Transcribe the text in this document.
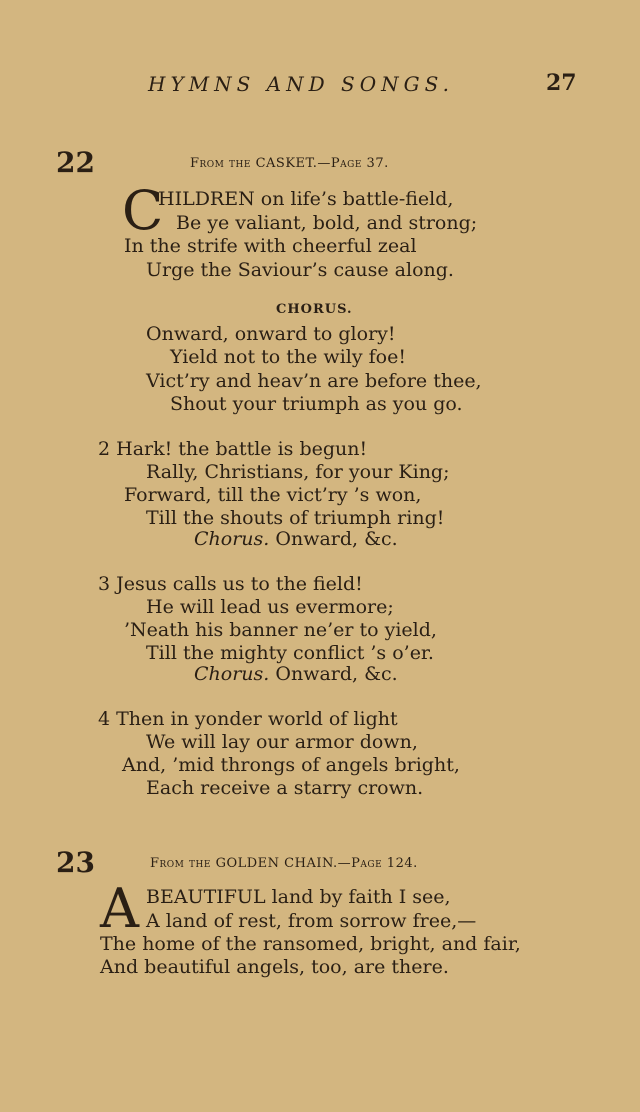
HYMNS AND SONGS.	27
22	From the CASKET.—Page 37.
C
HILDREN on life’s battle-field,
Be ye valiant, bold, and strong;
In the strife with cheerful zeal
Urge the Saviour’s cause along.
CHORUS.
Onward, onward to glory!
Yield not to the wily foe!
Vict’ry and heav’n are before thee,
Shout your triumph as you go.
2 Hark! the battle is begun!
Rally, Christians, for your King;
Forward, till the vict’ry ’s won,
Till the shouts of triumph ring!
Chorus. Onward, &c.
3 Jesus calls us to the field!
He will lead us evermore;
’Neath his banner ne’er to yield,
Till the mighty conflict ’s o’er.
Chorus. Onward, &c.
4 Then in yonder world of light
We will lay our armor down,
And, ’mid throngs of angels bright,
Each receive a starry crown.
23	From the GOLDEN CHAIN.—Page 124.
A BEAUTIFUL land by faith I see,
A land of rest, from sorrow free,—
The home of the ransomed, bright, and fair,
And beautiful angels, too, are there.
